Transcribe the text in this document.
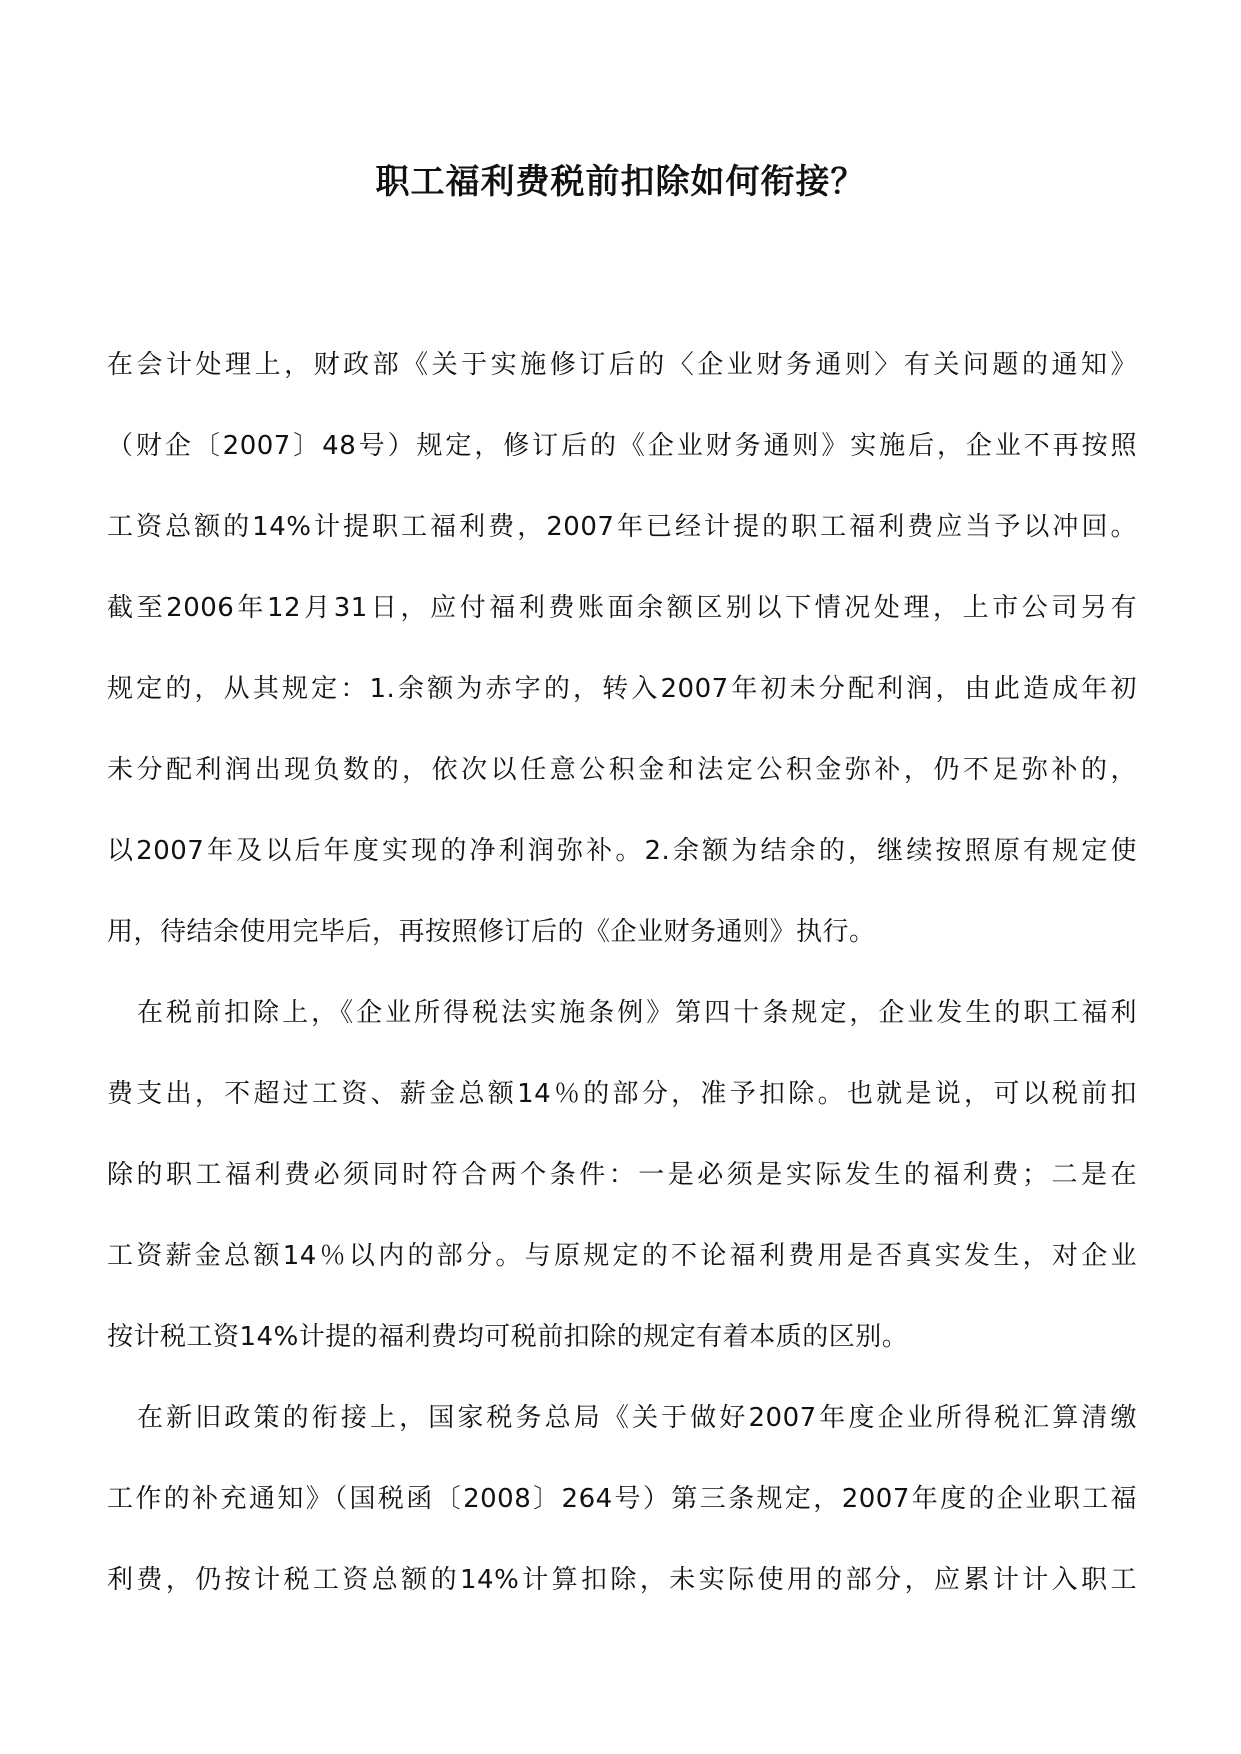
职工福利费税前扣除如何衔接？
在会计处理上，财政部《关于实施修订后的〈企业财务通则〉有关问题的通知》
（财企〔2007〕48号）规定，修订后的《企业财务通则》实施后，企业不再按照
工资总额的14%计提职工福利费，2007年已经计提的职工福利费应当予以冲回。
截至2006年12月31日，应付福利费账面余额区别以下情况处理，上市公司另有
规定的，从其规定：1.余额为赤字的，转入2007年初未分配利润，由此造成年初
未分配利润出现负数的，依次以任意公积金和法定公积金弥补，仍不足弥补的，
以2007年及以后年度实现的净利润弥补。2.余额为结余的，继续按照原有规定使
用，待结余使用完毕后，再按照修订后的《企业财务通则》执行。
在税前扣除上，《企业所得税法实施条例》第四十条规定，企业发生的职工福利
费支出，不超过工资、薪金总额14％的部分，准予扣除。也就是说，可以税前扣
除的职工福利费必须同时符合两个条件：一是必须是实际发生的福利费；二是在
工资薪金总额14％以内的部分。与原规定的不论福利费用是否真实发生，对企业
按计税工资14%计提的福利费均可税前扣除的规定有着本质的区别。
在新旧政策的衔接上，国家税务总局《关于做好2007年度企业所得税汇算清缴
工作的补充通知》（国税函〔2008〕264号）第三条规定，2007年度的企业职工福
利费，仍按计税工资总额的14%计算扣除，未实际使用的部分，应累计计入职工
